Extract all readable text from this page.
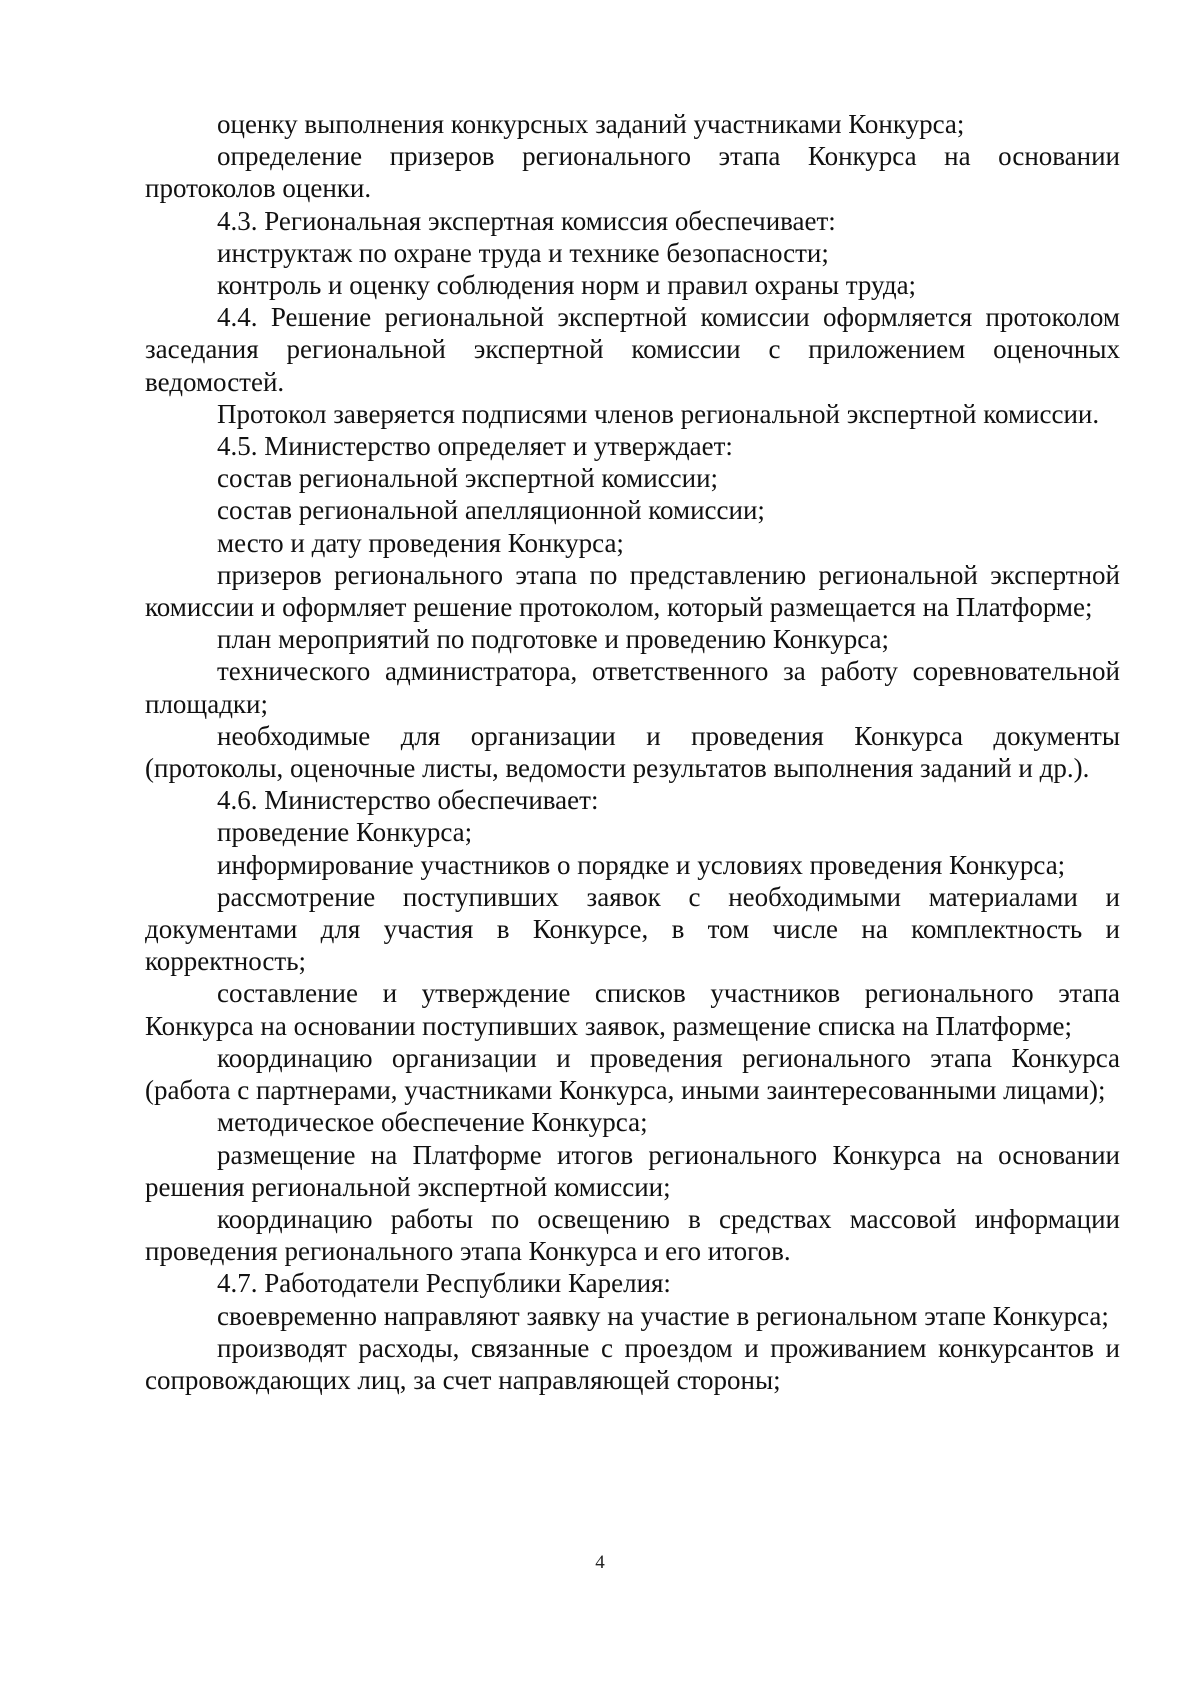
оценку выполнения конкурсных заданий участниками Конкурса;

определение призеров регионального этапа Конкурса на основании протоколов оценки.

4.3. Региональная экспертная комиссия обеспечивает:

инструктаж по охране труда и технике безопасности;

контроль и оценку соблюдения норм и правил охраны труда;

4.4. Решение региональной экспертной комиссии оформляется протоколом заседания региональной экспертной комиссии с приложением оценочных ведомостей.

Протокол заверяется подписями членов региональной экспертной комиссии.

4.5. Министерство определяет и утверждает:

состав региональной экспертной комиссии;

состав региональной апелляционной комиссии;

место и дату проведения Конкурса;

призеров регионального этапа по представлению региональной экспертной комиссии и оформляет решение протоколом, который размещается на Платформе;

план мероприятий по подготовке и проведению Конкурса;

технического администратора, ответственного за работу соревновательной площадки;

необходимые для организации и проведения Конкурса документы (протоколы, оценочные листы, ведомости результатов выполнения заданий и др.).

4.6. Министерство обеспечивает:

проведение Конкурса;

информирование участников о порядке и условиях проведения Конкурса;

рассмотрение поступивших заявок с необходимыми материалами и документами для участия в Конкурсе, в том числе на комплектность и корректность;

составление и утверждение списков участников регионального этапа Конкурса на основании поступивших заявок, размещение списка на Платформе;

координацию организации и проведения регионального этапа Конкурса (работа с партнерами, участниками Конкурса, иными заинтересованными лицами);

методическое обеспечение Конкурса;

размещение на Платформе итогов регионального Конкурса на основании решения региональной экспертной комиссии;

координацию работы по освещению в средствах массовой информации проведения регионального этапа Конкурса и его итогов.

4.7. Работодатели Республики Карелия:

своевременно направляют заявку на участие в региональном этапе Конкурса;

производят расходы, связанные с проездом и проживанием конкурсантов и сопровождающих лиц, за счет направляющей стороны;

4
